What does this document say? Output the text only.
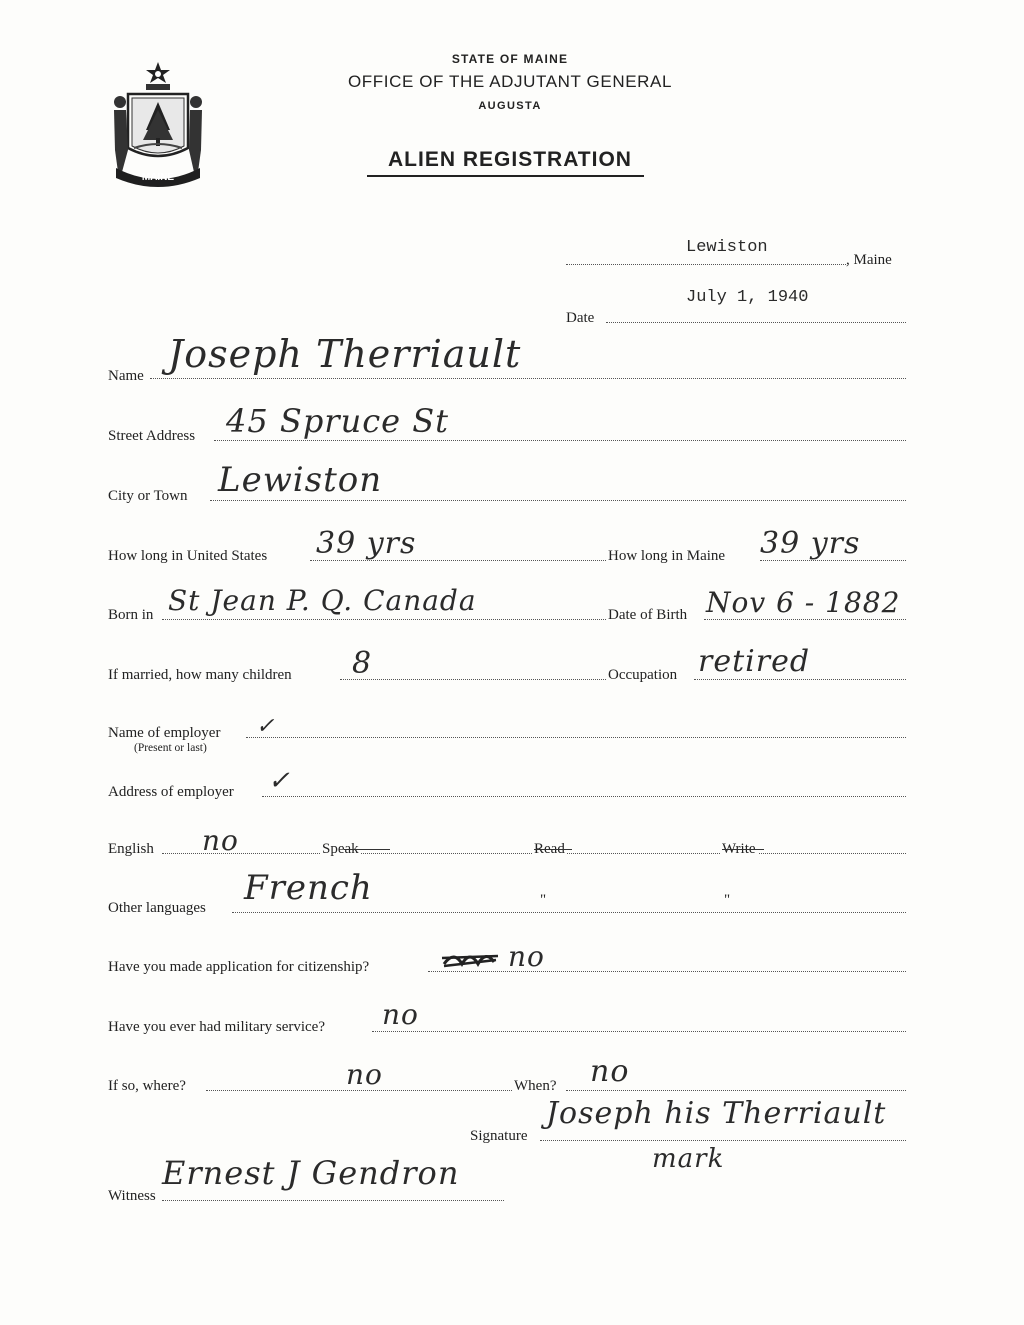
MAINE
STATE OF MAINE
OFFICE OF THE ADJUTANT GENERAL
AUGUSTA
ALIEN REGISTRATION
Lewiston
, Maine
July 1, 1940
Date
Name Joseph Therriault
Street Address 45 Spruce St
City or Town Lewiston
How long in United States 39 yrs	How long in Maine 39 yrs
Born in St Jean P. Q. Canada	Date of Birth Nov 6 - 1882
If married, how many children 8	Occupation retired
Name of employer
(Present or last)
✓
Address of employer ✓
English no	Speak	Read	Write
Other languages French	"	"
Have you made application for citizenship?	no
Have you ever had military service? no
If so, where?	no	When? no
Signature
Joseph his Therriault
mark
Witness
Ernest J Gendron
